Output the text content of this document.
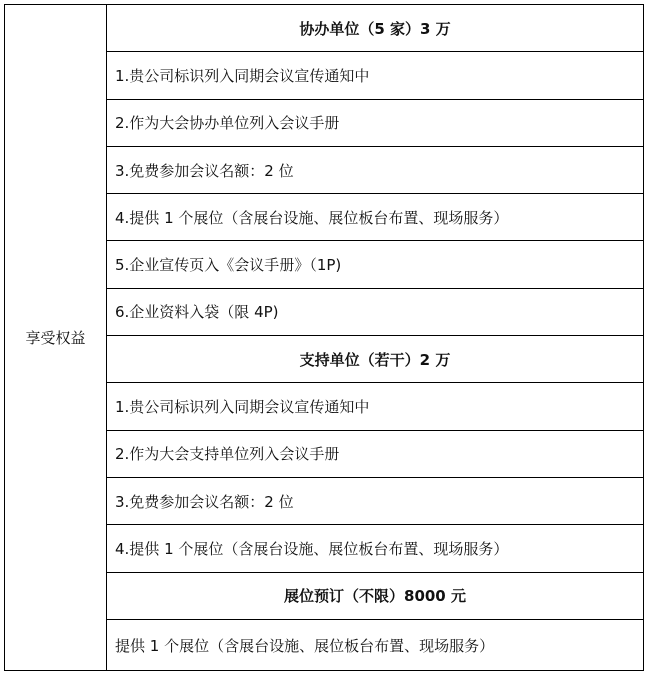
享受权益	协办单位（5 家）3 万
1.贵公司标识列入同期会议宣传通知中
2.作为大会协办单位列入会议手册
3.免费参加会议名额：2 位
4.提供 1 个展位（含展台设施、展位板台布置、现场服务）
5.企业宣传页入《会议手册》（1P)
6.企业资料入袋（限 4P)
支持单位（若干）2 万
1.贵公司标识列入同期会议宣传通知中
2.作为大会支持单位列入会议手册
3.免费参加会议名额：2 位
4.提供 1 个展位（含展台设施、展位板台布置、现场服务）
展位预订（不限）8000 元
提供 1 个展位（含展台设施、展位板台布置、现场服务）
